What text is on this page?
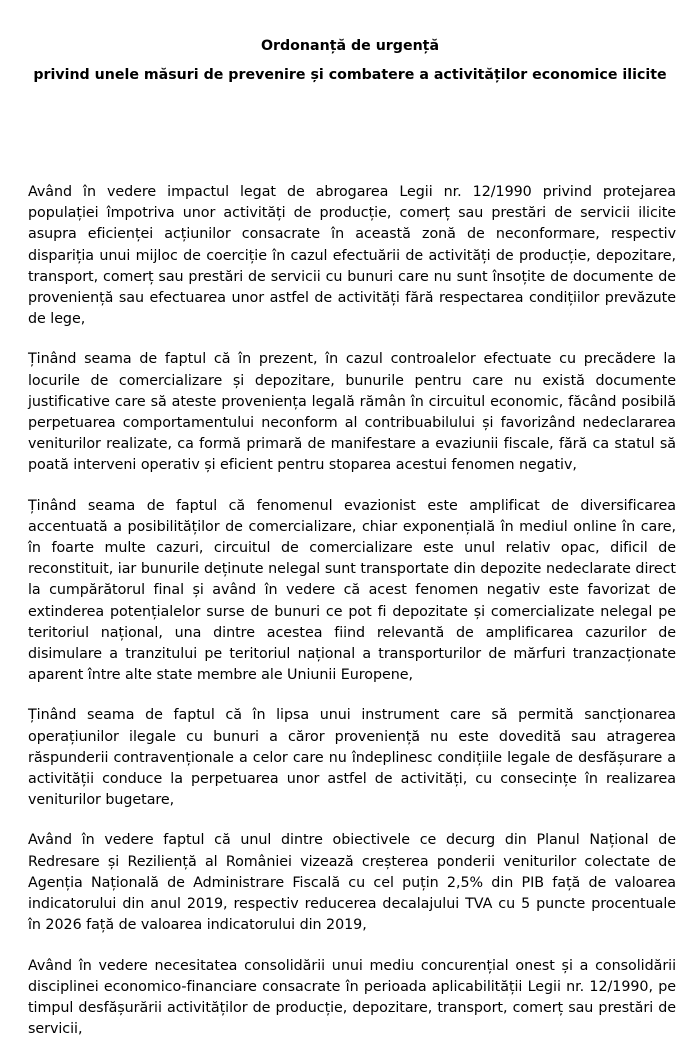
Ordonanță de urgență
privind unele măsuri de prevenire și combatere a activităților economice ilicite

Având în vedere impactul legat de abrogarea Legii nr. 12/1990 privind protejarea populației împotriva unor activități de producție, comerț sau prestări de servicii ilicite asupra eficienței acțiunilor consacrate în această zonă de neconformare, respectiv dispariția unui mijloc de coerciție în cazul efectuării de activități de producție, depozitare, transport, comerț sau prestări de servicii cu bunuri care nu sunt însoțite de documente de proveniență sau efectuarea unor astfel de activități fără respectarea condițiilor prevăzute de lege,

Ținând seama de faptul că în prezent, în cazul controalelor efectuate cu precădere la locurile de comercializare și depozitare, bunurile pentru care nu există documente justificative care să ateste proveniența legală rămân în circuitul economic, făcând posibilă perpetuarea comportamentului neconform al contribuabilului și favorizând nedeclararea veniturilor realizate, ca formă primară de manifestare a evaziunii fiscale, fără ca statul să poată interveni operativ și eficient pentru stoparea acestui fenomen negativ,

Ținând seama de faptul că fenomenul evazionist este amplificat de diversificarea accentuată a posibilităților de comercializare, chiar exponențială în mediul online în care, în foarte multe cazuri, circuitul de comercializare este unul relativ opac, dificil de reconstituit, iar bunurile deținute nelegal sunt transportate din depozite nedeclarate direct la cumpărătorul final și având în vedere că acest fenomen negativ este favorizat de extinderea potențialelor surse de bunuri ce pot fi depozitate și comercializate nelegal pe teritoriul național, una dintre acestea fiind relevantă de amplificarea cazurilor de disimulare a tranzitului pe teritoriul național a transporturilor de mărfuri tranzacționate aparent între alte state membre ale Uniunii Europene,

Ținând seama de faptul că în lipsa unui instrument care să permită sancționarea operațiunilor ilegale cu bunuri a căror proveniență nu este dovedită sau atragerea răspunderii contravenționale a celor care nu îndeplinesc condițiile legale de desfășurare a activității conduce la perpetuarea unor astfel de activități, cu consecințe în realizarea veniturilor bugetare,

Având în vedere faptul că unul dintre obiectivele ce decurg din Planul Național de Redresare și Reziliență al României vizează creșterea ponderii veniturilor colectate de Agenția Națională de Administrare Fiscală cu cel puțin 2,5% din PIB față de valoarea indicatorului din anul 2019, respectiv reducerea decalajului TVA cu 5 puncte procentuale în 2026 față de valoarea indicatorului din 2019,

Având în vedere necesitatea consolidării unui mediu concurențial onest și a consolidării disciplinei economico-financiare consacrate în perioada aplicabilității Legii nr. 12/1990, pe timpul desfășurării activităților de producție, depozitare, transport, comerț sau prestări de servicii,
